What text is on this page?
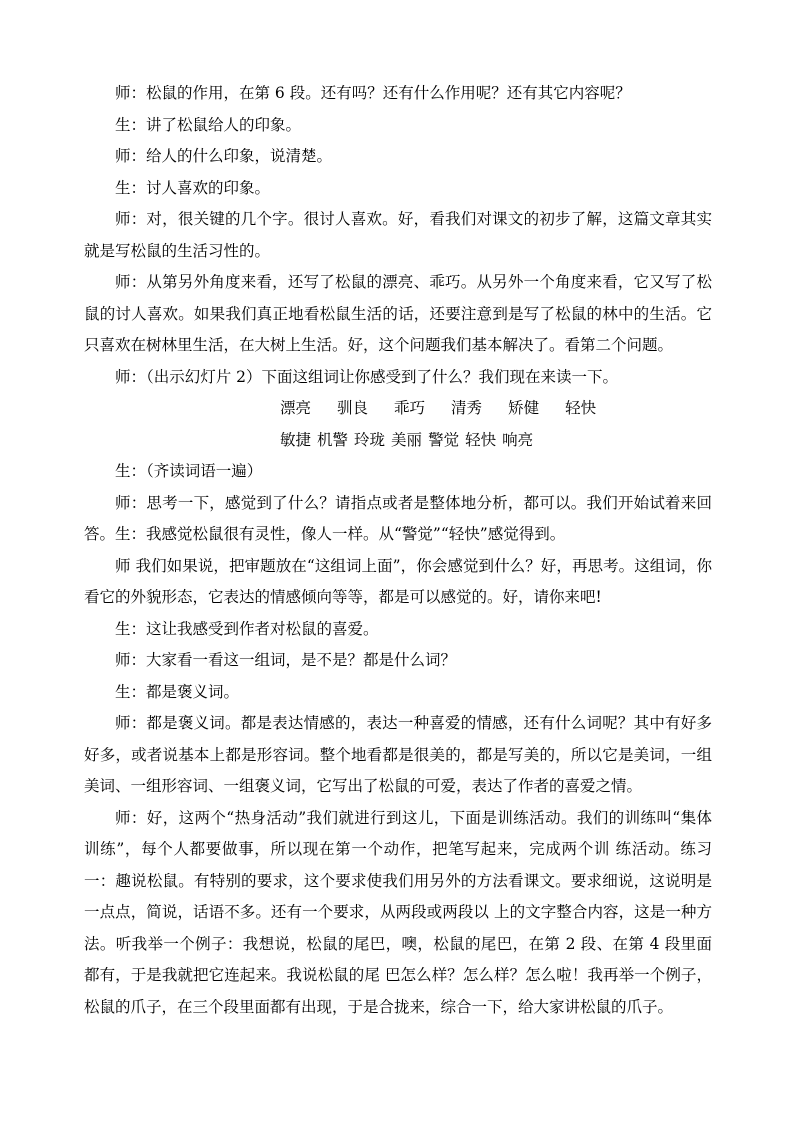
师：松鼠的作用，在第 6 段。还有吗？还有什么作用呢？还有其它内容呢？

生：讲了松鼠给人的印象。

师：给人的什么印象，说清楚。

生：讨人喜欢的印象。

师：对，很关键的几个字。很讨人喜欢。好，看我们对课文的初步了解，这篇文章其实就是写松鼠的生活习性的。

师：从第另外角度来看，还写了松鼠的漂亮、乖巧。从另外一个角度来看，它又写了松鼠的讨人喜欢。如果我们真正地看松鼠生活的话，还要注意到是写了松鼠的林中的生活。它只喜欢在树林里生活，在大树上生活。好，这个问题我们基本解决了。看第二个问题。

师：（出示幻灯片 2）下面这组词让你感受到了什么？我们现在来读一下。

漂亮 驯良 乖巧 清秀 矫健 轻快

敏捷 机警 玲珑 美丽 警觉 轻快 响亮

生：（齐读词语一遍）

师：思考一下，感觉到了什么？请指点或者是整体地分析，都可以。我们开始试着来回答。生：我感觉松鼠很有灵性，像人一样。从“警觉”“轻快”感觉得到。

师 我们如果说，把审题放在“这组词上面”，你会感觉到什么？好，再思考。这组词，你看它的外貌形态，它表达的情感倾向等等，都是可以感觉的。好，请你来吧!

生：这让我感受到作者对松鼠的喜爱。

师：大家看一看这一组词，是不是？都是什么词？

生：都是褒义词。

师：都是褒义词。都是表达情感的，表达一种喜爱的情感，还有什么词呢？其中有好多好多，或者说基本上都是形容词。整个地看都是很美的，都是写美的，所以它是美词，一组美词、一组形容词、一组褒义词，它写出了松鼠的可爱，表达了作者的喜爱之情。

师：好，这两个“热身活动”我们就进行到这儿，下面是训练活动。我们的训练叫“集体训练”，每个人都要做事，所以现在第一个动作，把笔写起来，完成两个训 练活动。练习一：趣说松鼠。有特别的要求，这个要求使我们用另外的方法看课文。要求细说，这说明是一点点，简说，话语不多。还有一个要求，从两段或两段以 上的文字整合内容，这是一种方法。听我举一个例子：我想说，松鼠的尾巴，噢，松鼠的尾巴，在第 2 段、在第 4 段里面都有，于是我就把它连起来。我说松鼠的尾 巴怎么样？怎么样？怎么啦！我再举一个例子，松鼠的爪子，在三个段里面都有出现，于是合拢来，综合一下，给大家讲松鼠的爪子。
